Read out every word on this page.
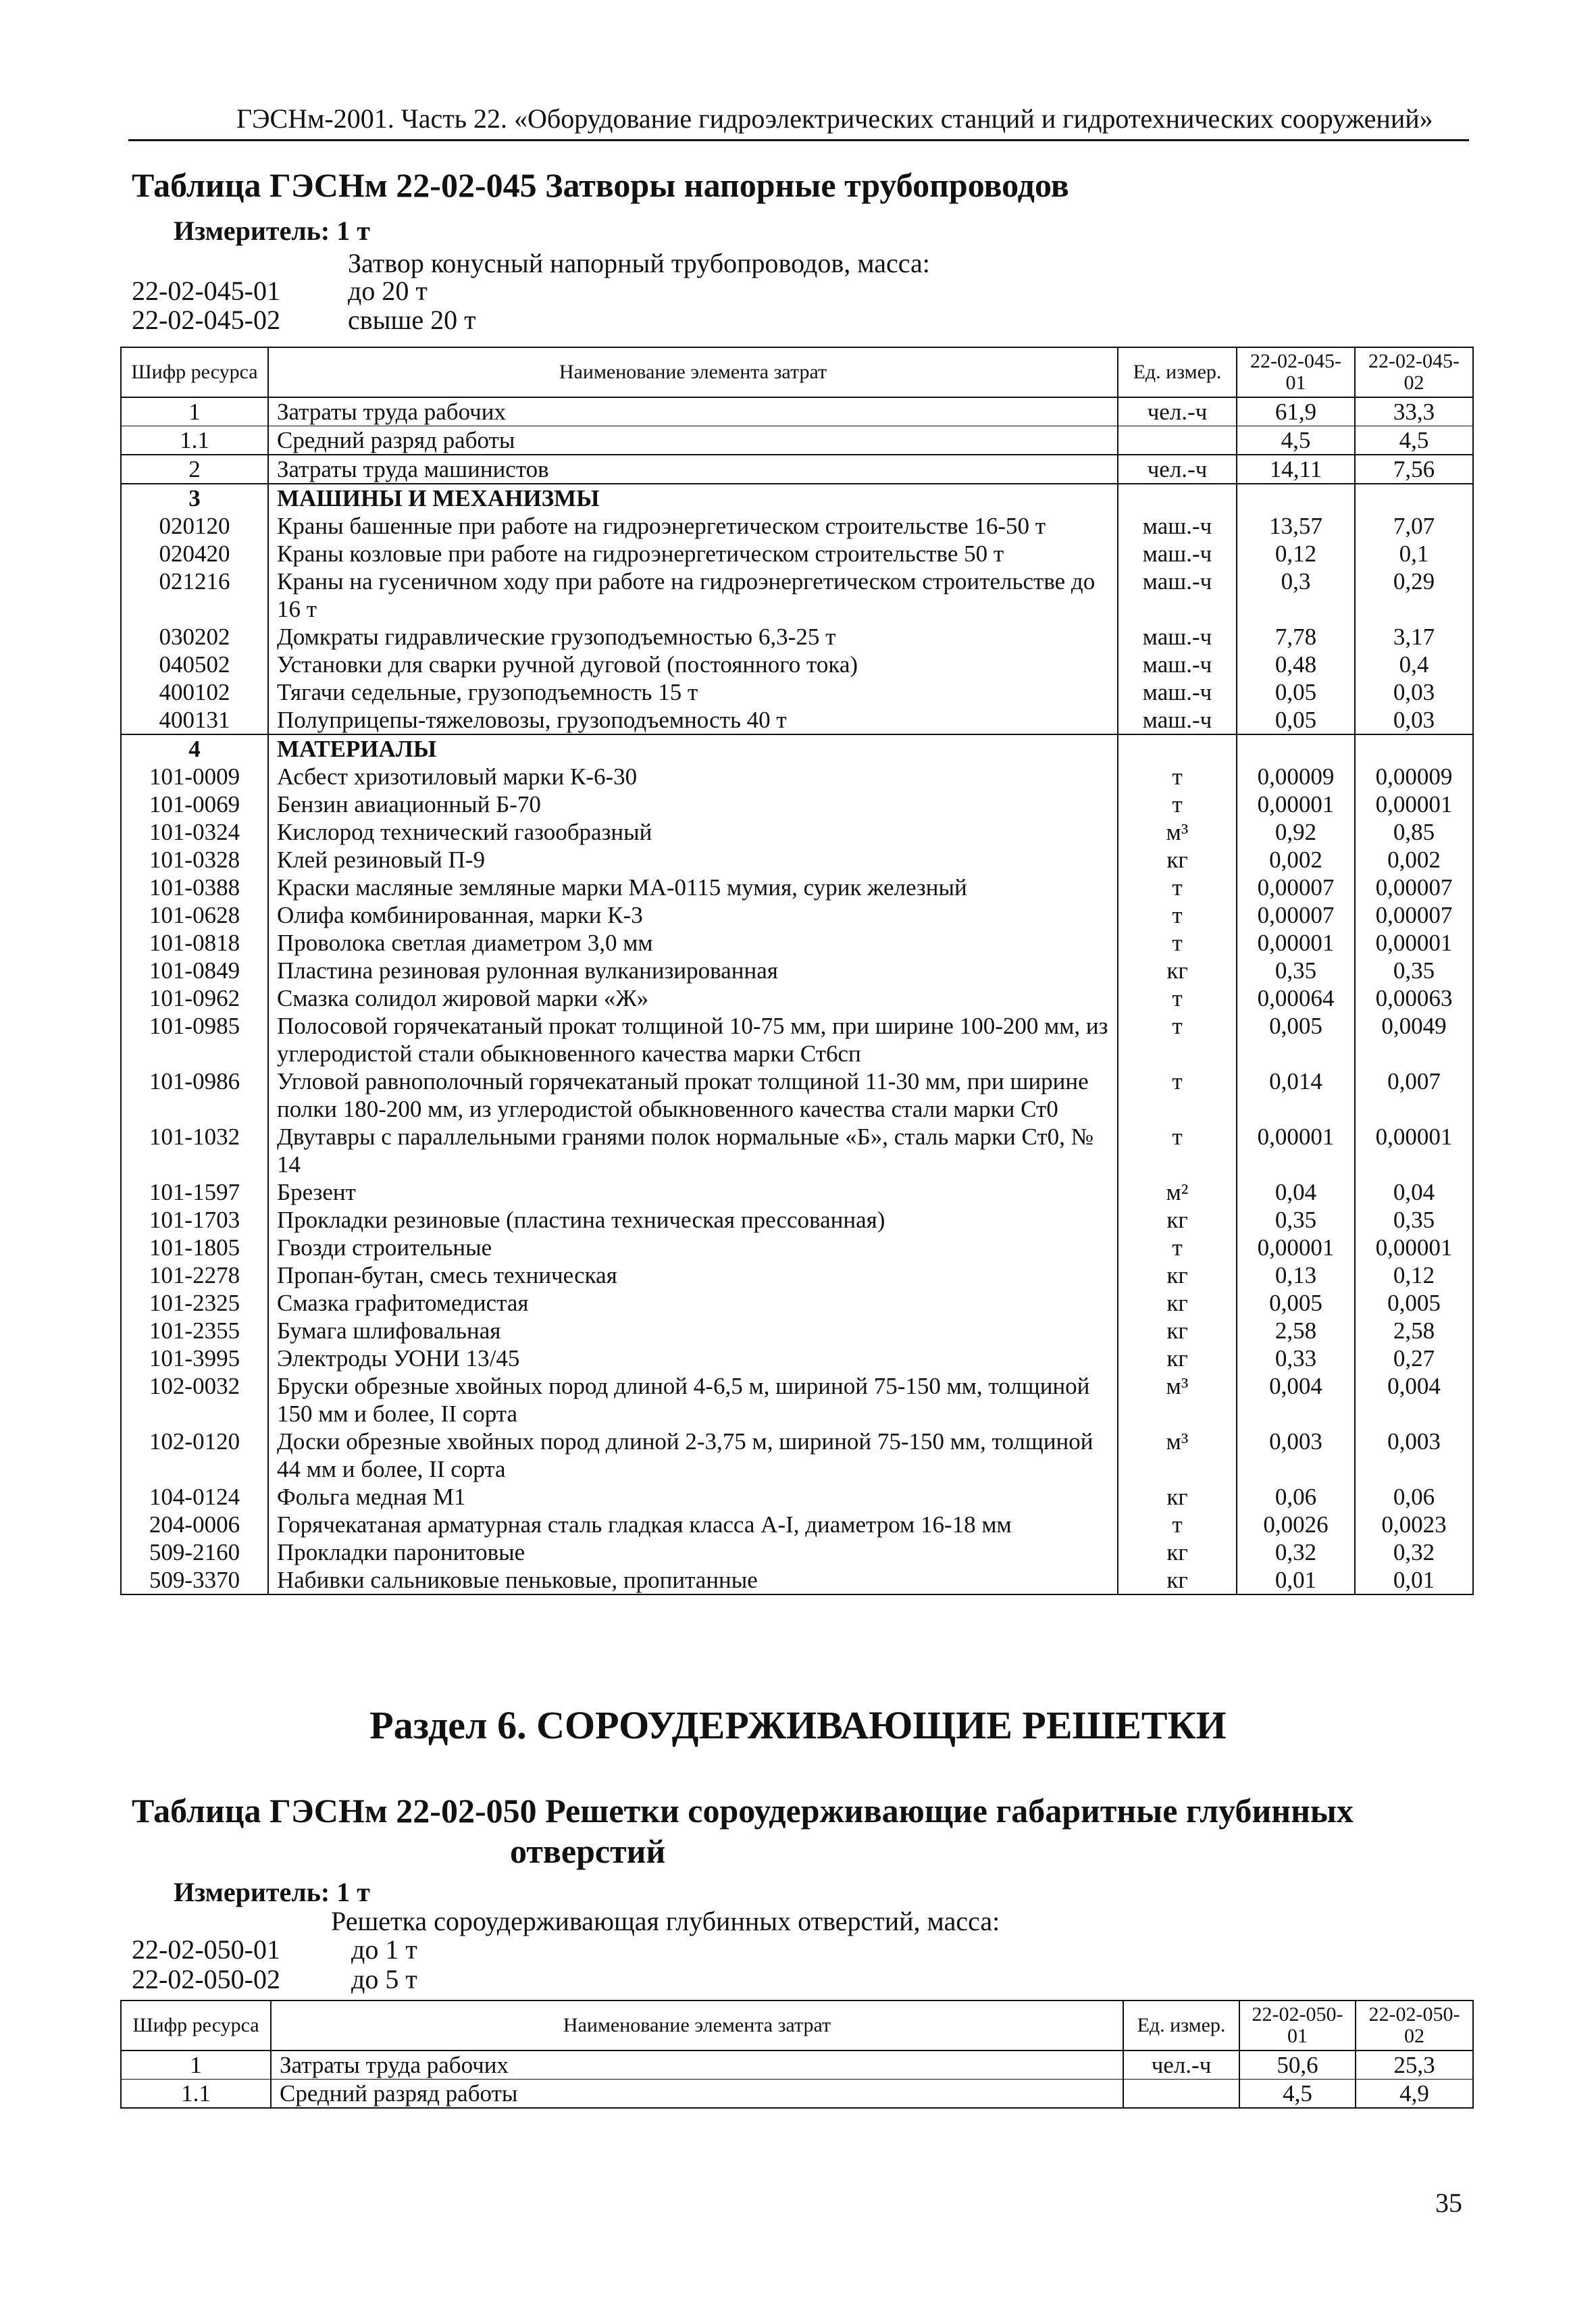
ГЭСНм-2001. Часть 22. «Оборудование гидроэлектрических станций и гидротехнических сооружений»
Таблица ГЭСНм 22-02-045 Затворы напорные трубопроводов
Измеритель: 1 т
Затвор конусный напорный трубопроводов, масса:
22-02-045-01	до 20 т
22-02-045-02	свыше 20 т
Шифр ресурса	Наименование элемента затрат	Ед. измер.	22-02-045-01	22-02-045-02
1	Затраты труда рабочих	чел.-ч	61,9	33,3
1.1	Средний разряд работы		4,5	4,5
2	Затраты труда машинистов	чел.-ч	14,11	7,56
3	МАШИНЫ И МЕХАНИЗМЫ			
020120	Краны башенные при работе на гидроэнергетическом строительстве 16-50 т	маш.-ч	13,57	7,07
020420	Краны козловые при работе на гидроэнергетическом строительстве 50 т	маш.-ч	0,12	0,1
021216	Краны на гусеничном ходу при работе на гидроэнергетическом строительстве до 16 т	маш.-ч	0,3	0,29
030202	Домкраты гидравлические грузоподъемностью 6,3-25 т	маш.-ч	7,78	3,17
040502	Установки для сварки ручной дуговой (постоянного тока)	маш.-ч	0,48	0,4
400102	Тягачи седельные, грузоподъемность 15 т	маш.-ч	0,05	0,03
400131	Полуприцепы-тяжеловозы, грузоподъемность 40 т	маш.-ч	0,05	0,03
4	МАТЕРИАЛЫ			
101-0009	Асбест хризотиловый марки К-6-30	т	0,00009	0,00009
101-0069	Бензин авиационный Б-70	т	0,00001	0,00001
101-0324	Кислород технический газообразный	м³	0,92	0,85
101-0328	Клей резиновый П-9	кг	0,002	0,002
101-0388	Краски масляные земляные марки МА-0115 мумия, сурик железный	т	0,00007	0,00007
101-0628	Олифа комбинированная, марки К-3	т	0,00007	0,00007
101-0818	Проволока светлая диаметром 3,0 мм	т	0,00001	0,00001
101-0849	Пластина резиновая рулонная вулканизированная	кг	0,35	0,35
101-0962	Смазка солидол жировой марки «Ж»	т	0,00064	0,00063
101-0985	Полосовой горячекатаный прокат толщиной 10-75 мм, при ширине 100-200 мм, из углеродистой стали обыкновенного качества марки Ст6сп	т	0,005	0,0049
101-0986	Угловой равнополочный горячекатаный прокат толщиной 11-30 мм, при ширине полки 180-200 мм, из углеродистой обыкновенного качества стали марки Ст0	т	0,014	0,007
101-1032	Двутавры с параллельными гранями полок нормальные «Б», сталь марки Ст0, № 14	т	0,00001	0,00001
101-1597	Брезент	м²	0,04	0,04
101-1703	Прокладки резиновые (пластина техническая прессованная)	кг	0,35	0,35
101-1805	Гвозди строительные	т	0,00001	0,00001
101-2278	Пропан-бутан, смесь техническая	кг	0,13	0,12
101-2325	Смазка графитомедистая	кг	0,005	0,005
101-2355	Бумага шлифовальная	кг	2,58	2,58
101-3995	Электроды УОНИ 13/45	кг	0,33	0,27
102-0032	Бруски обрезные хвойных пород длиной 4-6,5 м, шириной 75-150 мм, толщиной 150 мм и более, II сорта	м³	0,004	0,004
102-0120	Доски обрезные хвойных пород длиной 2-3,75 м, шириной 75-150 мм, толщиной 44 мм и более, II сорта	м³	0,003	0,003
104-0124	Фольга медная М1	кг	0,06	0,06
204-0006	Горячекатаная арматурная сталь гладкая класса А-I, диаметром 16-18 мм	т	0,0026	0,0023
509-2160	Прокладки паронитовые	кг	0,32	0,32
509-3370	Набивки сальниковые пеньковые, пропитанные	кг	0,01	0,01
Раздел 6. СОРОУДЕРЖИВАЮЩИЕ РЕШЕТКИ
Таблица ГЭСНм 22-02-050 Решетки сороудерживающие габаритные глубинных
отверстий
Измеритель: 1 т
Решетка сороудерживающая глубинных отверстий, масса:
22-02-050-01	до 1 т
22-02-050-02	до 5 т
Шифр ресурса	Наименование элемента затрат	Ед. измер.	22-02-050-01	22-02-050-02
1	Затраты труда рабочих	чел.-ч	50,6	25,3
1.1	Средний разряд работы		4,5	4,9
35
